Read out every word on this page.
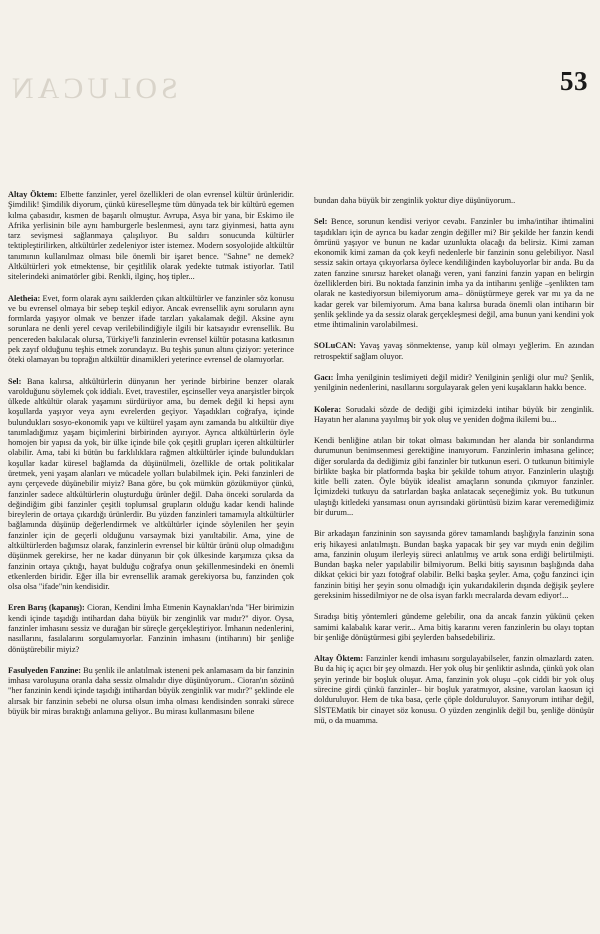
SOLUCAN	53

Altay Öktem: Elbette fanzinler, yerel özellikleri de olan evrensel kültür ürünleridir. Şimdilik! Şimdilik diyorum, çünkü küreselleşme tüm dünyada tek bir kültürü egemen kılma çabasıdır, kısmen de başarılı olmuştur. Avrupa, Asya bir yana, bir Eskimo ile Afrika yerlisinin bile aynı hamburgerle beslenmesi, aynı tarz giyinmesi, hatta aynı tarz sevişmesi sağlanmaya çalışılıyor. Bu saldırı sonucunda kültürler tektipleştirilirken, altkültürler zedeleniyor ister istemez. Modern sosyolojide altkültür tanımının kullanılmaz olması bile önemli bir işaret bence. "Sahne" ne demek? Altkültürleri yok etmektense, bir çeşitlilik olarak yedekte tutmak istiyorlar. Tatil sitelerindeki animatörler gibi. Renkli, ilginç, hoş tipler...

Aletheia: Evet, form olarak aynı saiklerden çıkan altkültürler ve fanzinler söz konusu ve bu evrensel olmaya bir sebep teşkil ediyor. Ancak evrensellik aynı soruların aynı formlarda yaşıyor olmak ve benzer ifade tarzları yakalamak değil. Aksine aynı sorunlara ne denli yerel cevap verilebilindiğiyle ilgili bir katsayıdır evrensellik. Bu pencereden bakılacak olursa, Türkiye'li fanzinlerin evrensel kültür potasına katkısının pek zayıf olduğunu teşhis etmek zorundayız. Bu teşhis şunun altını çiziyor: yeterince öteki olamayan bu toprağın altkültür dinamikleri yeterince evrensel de olamıyorlar.

Sel: Bana kalırsa, altkültürlerin dünyanın her yerinde birbirine benzer olarak varolduğunu söylemek çok iddialı. Evet, travestiler, eşcinseller veya anarşistler birçok ülkede altkültür olarak yaşamını sürdürüyor ama, bu demek değil ki hepsi aynı koşullarda yaşıyor veya aynı evrelerden geçiyor. Yaşadıkları coğrafya, içinde bulundukları sosyo-ekonomik yapı ve kültürel yaşam aynı zamanda bu altkültür diye tanımladığımız yaşam biçimlerini birbirinden ayırıyor. Ayrıca altkültürlerin öyle homojen bir yapısı da yok, bir ülke içinde bile çok çeşitli grupları içeren altkültürler olabilir. Ama, tabi ki bütün bu farklılıklara rağmen altkültürler içinde bulundukları koşullar kadar küresel bağlamda da düşünülmeli, özellikle de ortak politikalar üretmek, yeni yaşam alanları ve mücadele yolları bulabilmek için. Peki fanzinleri de aynı çerçevede düşünebilir miyiz? Bana göre, bu çok mümkün gözükmüyor çünkü, fanzinler sadece altkültürlerin oluşturduğu ürünler değil. Daha önceki sorularda da değindiğim gibi fanzinler çeşitli toplumsal grupların olduğu kadar kendi halinde bireylerin de ortaya çıkardığı ürünlerdir. Bu yüzden fanzinleri tamamıyla altkültürler bağlamında düşünüp değerlendirmek ve altkültürler içinde söylenilen her şeyin fanzinler için de geçerli olduğunu varsaymak bizi yanıltabilir. Ama, yine de altkültürlerden bağımsız olarak, fanzinlerin evrensel bir kültür ürünü olup olmadığını düşünmek gerekirse, her ne kadar dünyanın bir çok ülkesinde karşımıza çıksa da fanzinin ortaya çıktığı, hayat bulduğu coğrafya onun şekillenmesindeki en önemli etkenlerden biridir. Eğer illa bir evrensellik aramak gerekiyorsa bu, fanzinden çok olsa olsa "ifade"nin kendisidir.

Eren Barış (kapanış): Cioran, Kendini İmha Etmenin Kaynakları'nda "Her birimizin kendi içinde taşıdığı intihardan daha büyük bir zenginlik var mıdır?" diyor. Oysa, fanzinler imhasını sessiz ve durağan bir süreçle gerçekleştiriyor. İmhanın nedenlerini, nasıllarını, fasılalarını sorgulamıyorlar. Fanzinin imhasını (intiharını) bir şenliğe dönüştürebilir miyiz?

Fasulyeden Fanzine: Bu şenlik ile anlatılmak isteneni pek anlamasam da bir fanzinin imhası varoluşuna oranla daha sessiz olmalıdır diye düşünüyorum.. Cioran'ın sözünü "her fanzinin kendi içinde taşıdığı intihardan büyük zenginlik var mıdır?" şeklinde ele alırsak bir fanzinin sebebi ne olursa olsun imha olması kendisinden sonraki sürece büyük bir miras bıraktığı anlamına geliyor.. Bu mirası kullanmasını bilene

bundan daha büyük bir zenginlik yoktur diye düşünüyorum..

Sel: Bence, sorunun kendisi veriyor cevabı. Fanzinler bu imha/intihar ihtimalini taşıdıkları için de ayrıca bu kadar zengin değiller mi? Bir şekilde her fanzin kendi ömrünü yaşıyor ve bunun ne kadar uzunlukta olacağı da belirsiz. Kimi zaman ekonomik kimi zaman da çok keyfi nedenlerle bir fanzinin sonu gelebiliyor. Nasıl sessiz sakin ortaya çıkıyorlarsa öylece kendiliğinden kayboluyorlar bir anda. Bu da zaten fanzine sınırsız hareket olanağı veren, yani fanzini fanzin yapan en belirgin özelliklerden biri. Bu noktada fanzinin imha ya da intiharını şenliğe –şenlikten tam olarak ne kastediyorsun bilemiyorum ama– dönüştürmeye gerek var mı ya da ne kadar gerek var bilemiyorum. Ama bana kalırsa burada önemli olan intiharın bir şenlik şeklinde ya da sessiz olarak gerçekleşmesi değil, ama bunun yani kendini yok etme ihtimalinin varolabilmesi.

SOLuCAN: Yavaş yavaş sönmektense, yanıp kül olmayı yeğlerim. En azından retrospektif sağlam oluyor.

Gacı: İmha yenilginin teslimiyeti değil midir? Yenilginin şenliği olur mu? Şenlik, yenilginin nedenlerini, nasıllarını sorgulayarak gelen yeni kuşakların hakkı bence.

Kolera: Sorudaki sözde de dediği gibi içimizdeki intihar büyük bir zenginlik. Hayatın her alanına yayılmış bir yok oluş ve yeniden doğma ikilemi bu...

Kendi benliğine atılan bir tokat olması bakımından her alanda bir sonlandırma durumunun benimsenmesi gerektiğine inanıyorum. Fanzinlerin imhasına gelince; diğer sorularda da dediğimiz gibi fanzinler bir tutkunun eseri. O tutkunun bitimiyle birlikte başka bir platformda başka bir şekilde tohum atıyor. Fanzinlerin ulaştığı kitle belli zaten. Öyle büyük idealist amaçların sonunda çıkmıyor fanzinler. İçimizdeki tutkuyu da satırlardan başka anlatacak seçeneğimiz yok. Bu tutkunun ulaştığı kitledeki yansıması onun ayrısındaki görüntüsü bizim karar veremediğimiz bir durum...

Bir arkadaşın fanzininin son sayısında görev tamamlandı başlığıyla fanzinin sona eriş hikayesi anlatılmıştı. Bundan başka yapacak bir şey var mıydı enin değilim ama, fanzinin oluşum ilerleyiş süreci anlatılmış ve artık sona erdiği belirtilmişti. Bundan başka neler yapılabilir bilmiyorum. Belki bitiş sayısının başlığında daha dikkat çekici bir yazı fotoğraf olabilir. Belki başka şeyler. Ama, çoğu fanzinci için fanzinin bitişi her şeyin sonu olmadığı için yukarıdakilerin dışında değişik şeylere gereksinim hissedilmiyor ne de olsa isyan farklı mecralarda devam ediyor!...

Sıradışı bitiş yöntemleri gündeme gelebilir, ona da ancak fanzin yükünü çeken samimi kalabalık karar verir... Ama bitiş kararını veren fanzinlerin bu olayı toptan bir şenliğe dönüştürmesi gibi şeylerden bahsedebiliriz.

Altay Öktem: Fanzinler kendi imhasını sorgulayabilseler, fanzin olmazlardı zaten. Bu da hiç iç açıcı bir şey olmazdı. Her yok oluş bir şenliktir aslında, çünkü yok olan şeyin yerinde bir boşluk oluşur. Ama, fanzinin yok oluşu –çok ciddi bir yok oluş sürecine girdi çünkü fanzinler– bir boşluk yaratmıyor, aksine, varolan kaosun içi dolduruluyor. Hem de tıka basa, çerle çöple dolduruluyor. Sanıyorum intihar değil, SİSTEMatik bir cinayet söz konusu. O yüzden zenginlik değil bu, şenliğe dönüşür mü, o da muamma.
